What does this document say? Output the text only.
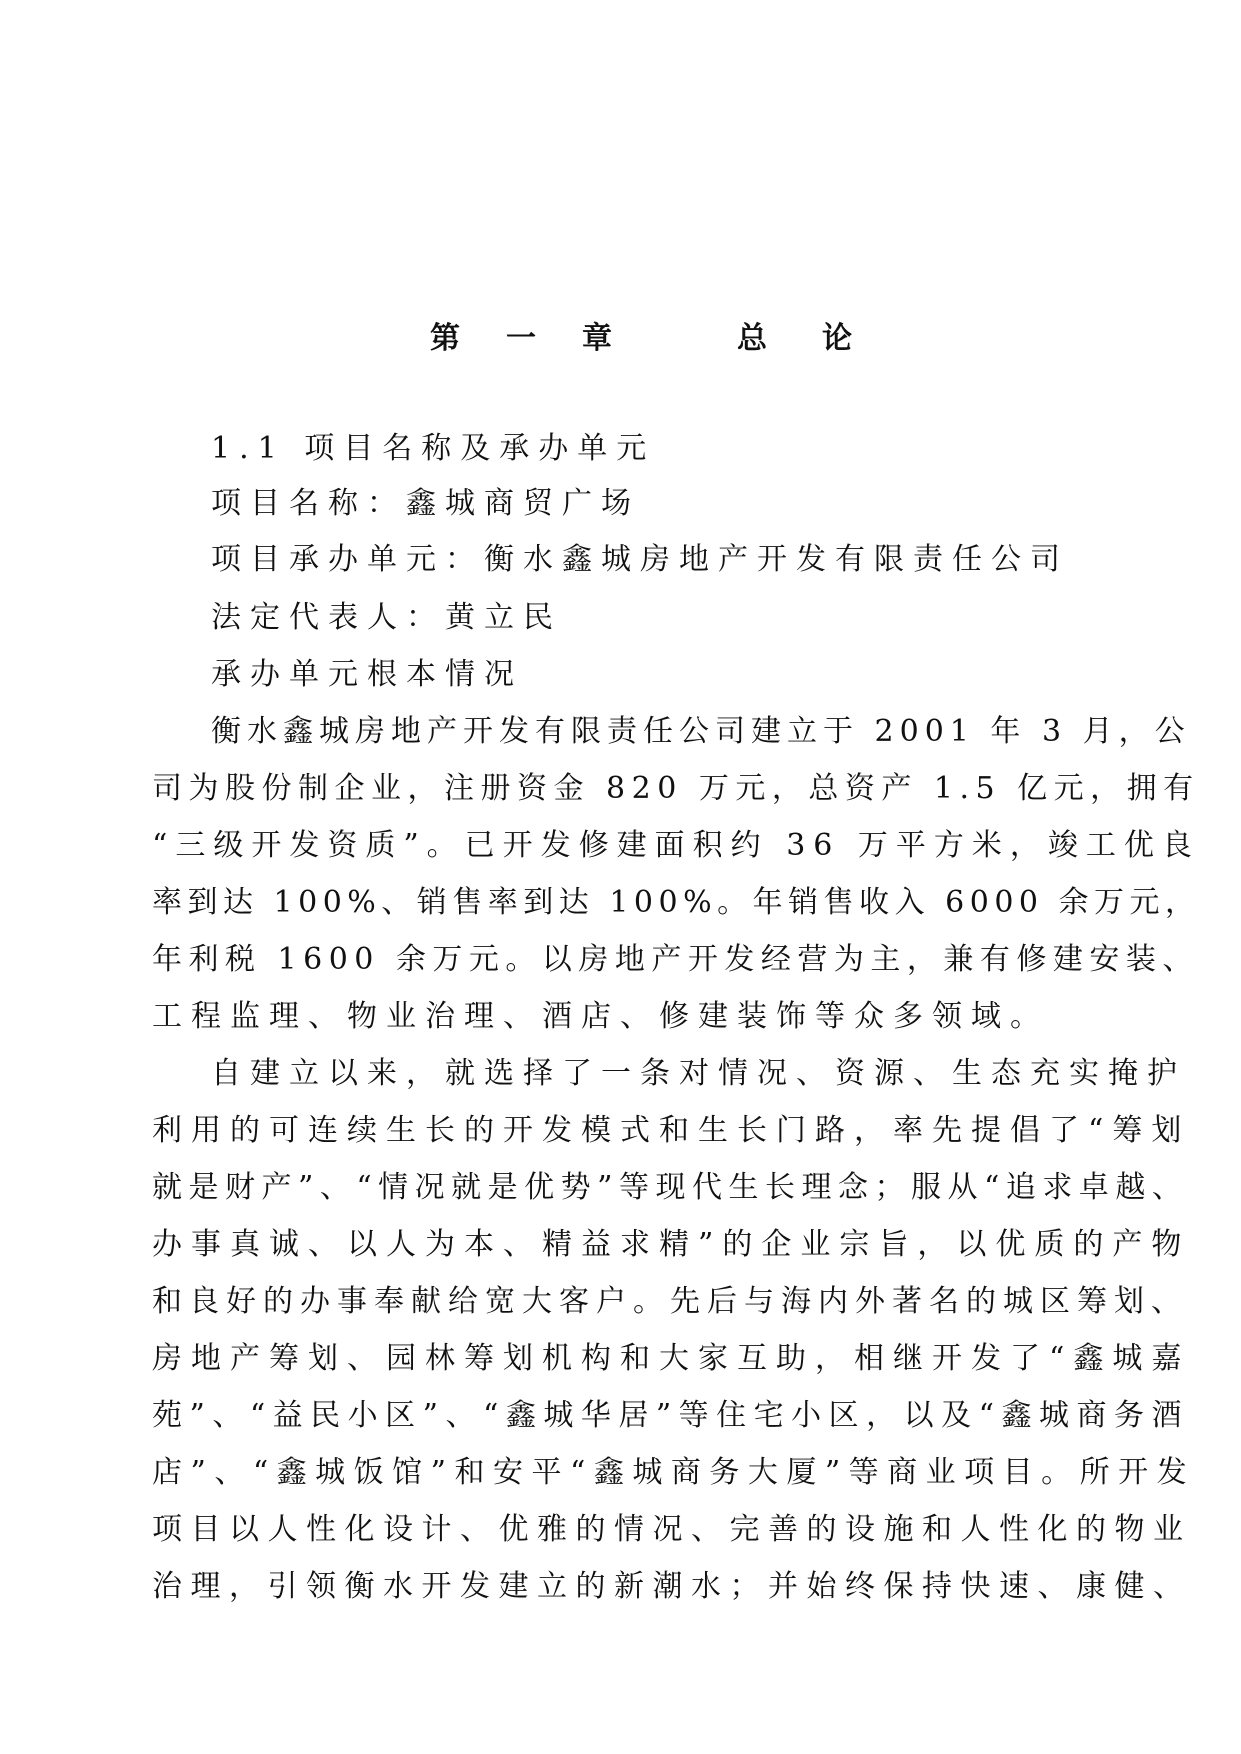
第 一 章	总 论
1.1 项目名称及承办单元
项目名称：鑫城商贸广场
项目承办单元：衡水鑫城房地产开发有限责任公司
法定代表人：黄立民
承办单元根本情况
衡水鑫城房地产开发有限责任公司建立于 2001 年 3 月，公
司为股份制企业，注册资金 820 万元，总资产 1.5 亿元，拥有
“三级开发资质”。已开发修建面积约 36 万平方米，竣工优良
率到达 100%、销售率到达 100%。年销售收入 6000 余万元，
年利税 1600 余万元。以房地产开发经营为主，兼有修建安装、
工程监理、物业治理、酒店、修建装饰等众多领域。
自建立以来，就选择了一条对情况、资源、生态充实掩护
利用的可连续生长的开发模式和生长门路，率先提倡了“筹划
就是财产”、“情况就是优势”等现代生长理念；服从“追求卓越、
办事真诚、以人为本、精益求精”的企业宗旨，以优质的产物
和良好的办事奉献给宽大客户。先后与海内外著名的城区筹划、
房地产筹划、园林筹划机构和大家互助，相继开发了“鑫城嘉
苑”、“益民小区”、“鑫城华居”等住宅小区，以及“鑫城商务酒
店”、“鑫城饭馆”和安平“鑫城商务大厦”等商业项目。所开发
项目以人性化设计、优雅的情况、完善的设施和人性化的物业
治理，引领衡水开发建立的新潮水；并始终保持快速、康健、
